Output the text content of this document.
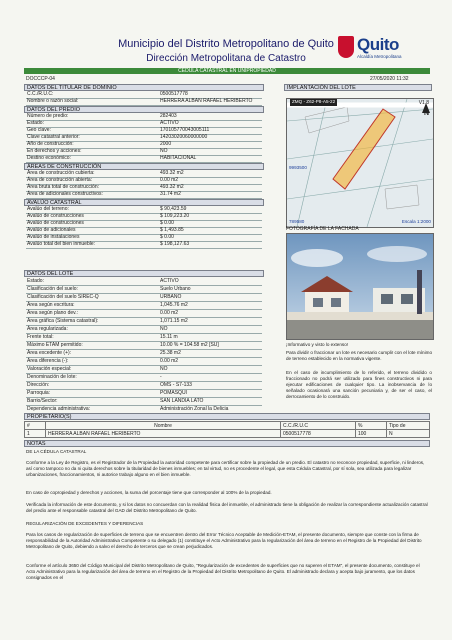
Municipio del Distrito Metropolitano de Quito
Dirección Metropolitana de Catastro
Quito
Alcaldía Metropolitana
CÉDULA CATASTRAL EN UNIPROPIEDAD
DOCCCP-04	27/05/2020 11:32
DATOS DEL TITULAR DE DOMINIO
C.C./R.U.C:	0500517778
Nombre o razón social:	HERRERA ALBAN RAFAEL HERIBERTO
DATOS DEL PREDIO
Número de predio:	282403
Estado:	ACTIVO
Geo clave:	170105770043005111
Clave catastral anterior:	14203020060000000
Año de construcción:	2000
En derechos y acciones:	NO
Destino económico:	HABITACIONAL
ÁREAS DE CONSTRUCCIÓN
Área de construcción cubierta:	493.32 m2
Área de construcción abierta:	0.00 m2
Área bruta total de construcción:	493.32 m2
Área de adicionales constructivos:	31.74 m2
AVALÚO CATASTRAL
Avalúo del terreno:	$ 90,423.59
Avalúo de construcciones	$ 109,223.20
Avalúo de construcciones	$ 0.00
Avalúo de adicionales	$ 1,493.85
Avalúo de instalaciones	$ 0.00
Avalúo total del bien inmueble:	$ 198,127.63
DATOS DEL LOTE
Estado:	ACTIVO
Clasificación del suelo:	Suelo Urbano
Clasificación del suelo SIREC-Q	URBANO
Área según escritura:	1,045.76 m2
Área según plano dev.:	0.00 m2
Área gráfica (Sistema catastral):	1,071.15 m2
Área regularizada:	NO
Frente total:	15.11 m
Máximo ETAM permitido:	10.00 % = 104.58 m2 [SU]
Área excedente (+):	25.38 m2
Área diferencia (-):	0.00 m2
Valoración especial:	NO
Denominación de lote:	-
Dirección:	OMS - S7-133
Parroquia:	POMASQUI
Barrio/Sector:	SAN LANDIA LATO
Dependencia administrativa:	Administración Zonal la Delicia
IMPLANTACIÓN DEL LOTE
ZMQ - Z62-P8-A5-22	V1.8
N
9993500
789580	Escala 1:2000
FOTOGRAFÍA DE LA FACHADA
¡Informativo y visto lo extenso!
Para dividir o fraccionar un lote es necesario cumplir con el lote mínimo de terreno establecido en la normativa vigente.
En el caso de incumplimiento de lo referido, el terreno dividido o fraccionado no podrá ser utilizado para fines constructivos ni para ejecutar edificaciones de cualquier tipo. La inobservancia de lo señalado ocasionará una sanción pecuniaria y, de ser el caso, el derrocamiento de lo construido.
PROPIETARIO(S)
#	Nombre	C.C./R.U.C	%	Tipo de
1	HERRERA ALBAN RAFAEL HERIBERTO	0500517778	100	N
NOTAS
DE LA CÉDULA CATASTRAL
Conforme a la Ley de Registro, es el Registrador de la Propiedad la autoridad competente para certificar sobre la propiedad de un predio. El catastro no reconoce propiedad, superficie, ni linderos, así como tampoco no da ni quita derechos sobre la titularidad de bienes inmuebles; en tal virtud, no es procedente el legal, que esta Cédula Catastral, por sí sola, sea utilizada para legalizar urbanizaciones, fraccionamientos, ni autorice trabajo alguno en el bien inmueble.
En caso de copropiedad y derechos y acciones, la suma del porcentaje tiene que corresponder al 100% de la propiedad.
Verificada la información de este documento, y si los datos no concuerdan con la realidad física del inmueble, el administrado tiene la obligación de realizar la correspondiente actualización catastral del predio ante el responsable catastral del GAD del Distrito Metropolitano de Quito.
REGULARIZACIÓN DE EXCEDENTES Y DIFERENCIAS
Para los casos de regularización de superficies de terreno que se encuentren dentro del Error Técnico Aceptable de Medición-ETAM, el presente documento, siempre que conste con la firma de responsabilidad de la Autoridad Administrativa Competente o su delegado (1) constituye el Acto Administrativo para la regularización del área de terreno en el Registro de la Propiedad del Distrito Metropolitano de Quito, debiendo a salvo el derecho de terceros que se crean perjudicados.
Conforme el artículo 3650 del Código Municipal del Distrito Metropolitano de Quito, "Regularización de excedentes de superficies que no superen el ETAM", el presente documento, constituye el Acto Administrativo para la regularización del área de terreno en el Registro de la Propiedad del Distrito Metropolitano de Quito. El administrado declara y acepta bajo juramento, que los datos consignados en el
